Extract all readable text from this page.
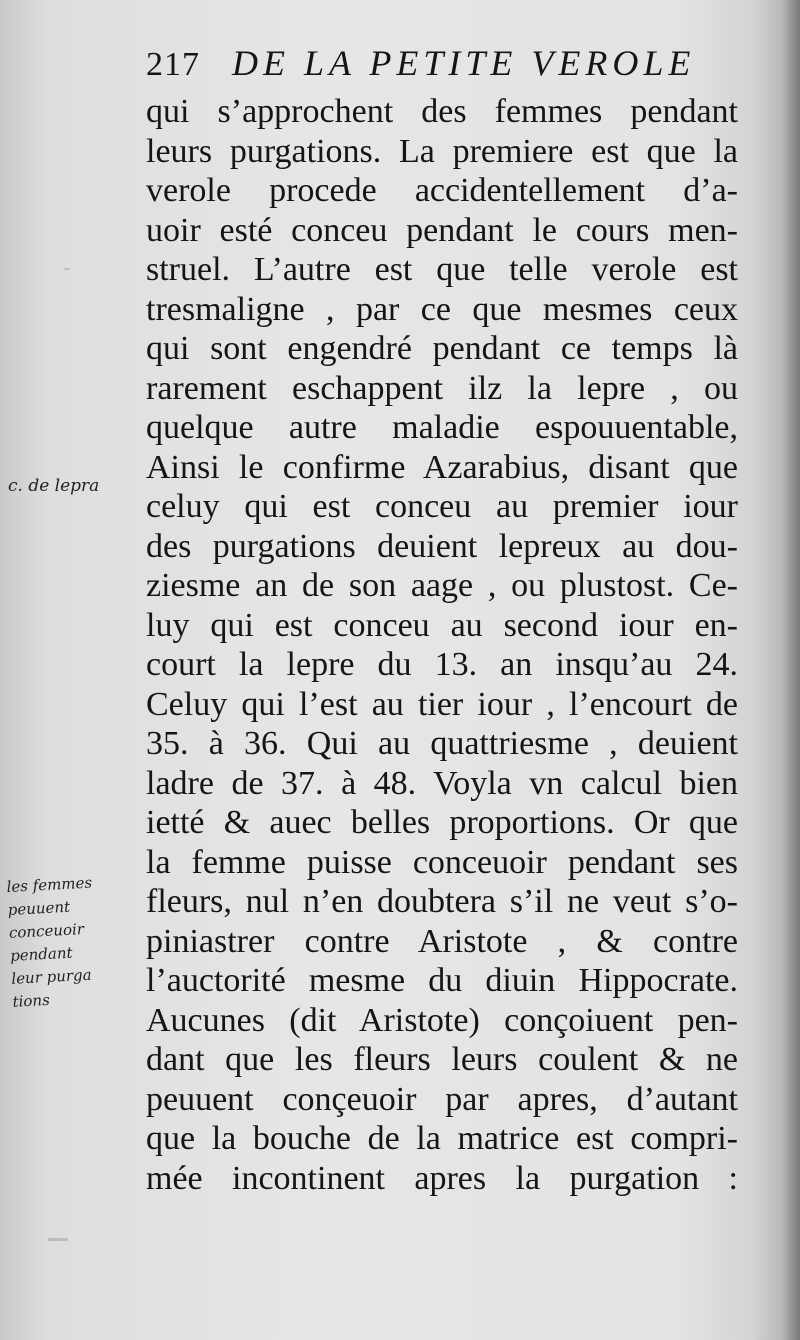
217 DE LA PETITE VEROLE
qui s’approchent des femmes pendant
leurs purgations. La premiere est que la
verole procede accidentellement d’a-
uoir esté conceu pendant le cours men-
struel. L’autre est que telle verole est
tresmaligne , par ce que mesmes ceux
qui sont engendré pendant ce temps là
rarement eschappent ilz la lepre , ou
quelque autre maladie espouuentable,
Ainsi le confirme Azarabius, disant que
celuy qui est conceu au premier iour
des purgations deuient lepreux au dou-
ziesme an de son aage , ou plustost. Ce-
luy qui est conceu au second iour en-
court la lepre du 13. an insqu’au 24.
Celuy qui l’est au tier iour , l’encourt de
35. à 36. Qui au quattriesme , deuient
ladre de 37. à 48. Voyla vn calcul bien
ietté & auec belles proportions. Or que
la femme puisse conceuoir pendant ses
fleurs, nul n’en doubtera s’il ne veut s’o-
piniastrer contre Aristote , & contre
l’auctorité mesme du diuin Hippocrate.
Aucunes (dit Aristote) conçoiuent pen-
dant que les fleurs leurs coulent & ne
peuuent conçeuoir par apres, d’autant
que la bouche de la matrice est compri-
mée incontinent apres la purgation :
c. de lepra
les femmes
peuuent
conceuoir
pendant
leur purga
tions
